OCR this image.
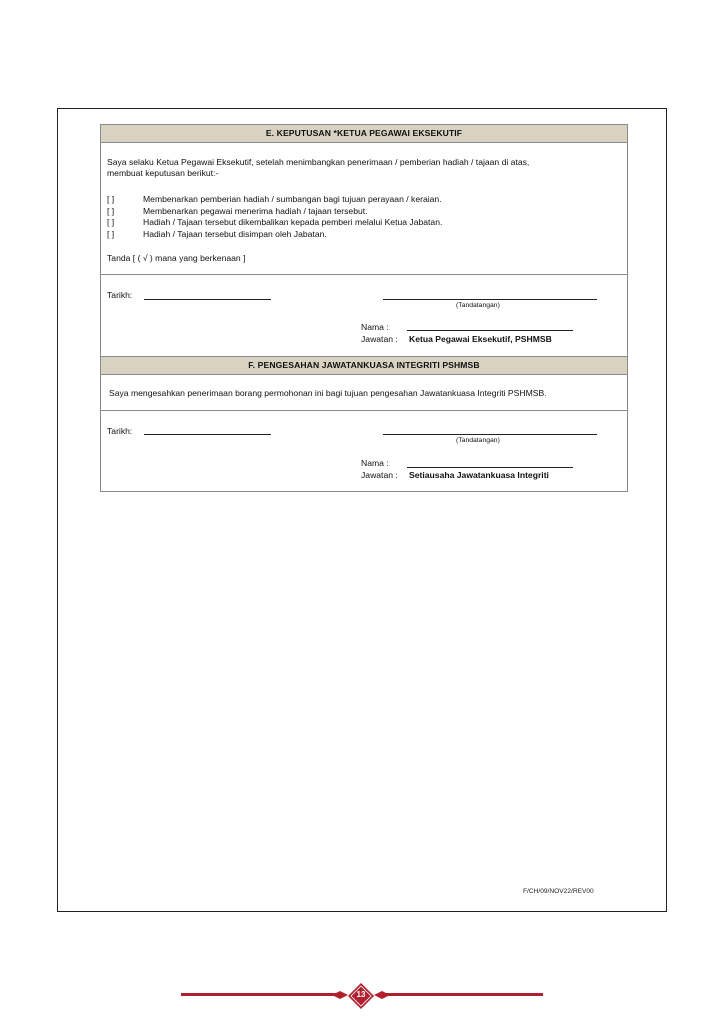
E. KEPUTUSAN *KETUA PEGAWAI EKSEKUTIF
Saya selaku Ketua Pegawai Eksekutif, setelah menimbangkan penerimaan / pemberian hadiah / tajaan di atas,
membuat keputusan berikut:-
[ ]	Membenarkan pemberian hadiah / sumbangan bagi tujuan perayaan / keraian.
[ ]	Membenarkan pegawai menerima hadiah / tajaan tersebut.
[ ]	Hadiah / Tajaan tersebut dikembalikan kepada pemberi melalui Ketua Jabatan.
[ ]	Hadiah / Tajaan tersebut disimpan oleh Jabatan.
Tanda [ ( √ ) mana yang berkenaan ]
Tarikh:
(Tandatangan)
Nama :
Jawatan : Ketua Pegawai Eksekutif, PSHMSB
F. PENGESAHAN JAWATANKUASA INTEGRITI PSHMSB
Saya mengesahkan penerimaan borang permohonan ini bagi tujuan pengesahan Jawatankuasa Integriti PSHMSB.
Tarikh:
(Tandatangan)
Nama :
Jawatan : Setiausaha Jawatankuasa Integriti
F/CH/09/NOV22/REV00
13
